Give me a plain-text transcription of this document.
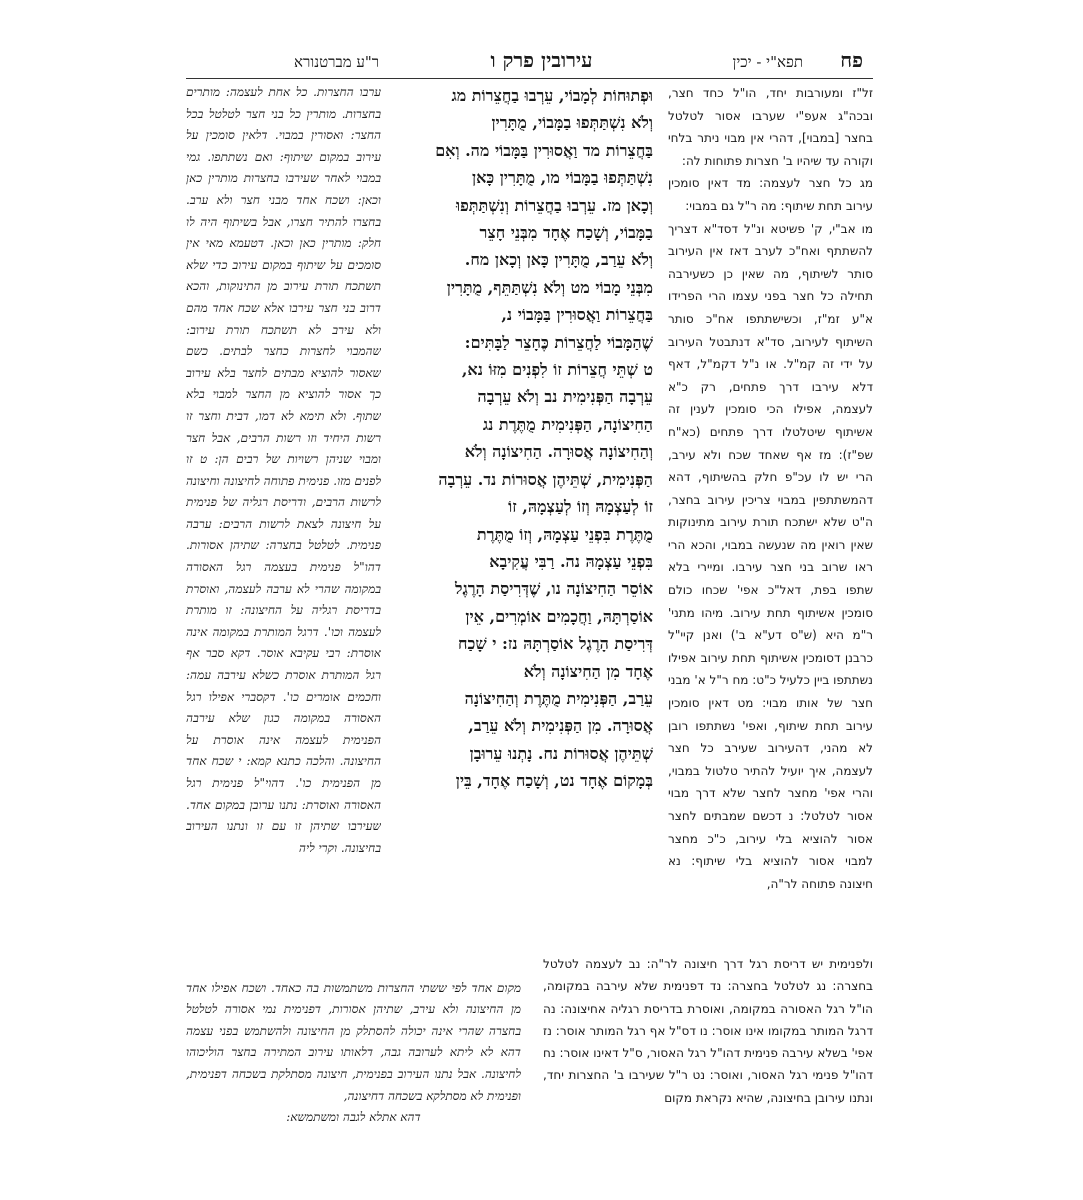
פח
תפא"י - יכין
עירובין פרק ו
ר"ע מברטנורא
זל"ז ומעורבות יחד, הו"ל כחד חצר, ובכה"ג אעפ"י שערבו אסור לטלטל בחצר [במבוי], דהרי אין מבוי ניתר בלחי וקורה עד שיהיו ב' חצרות פתוחות לה:
מג כל חצר לעצמה: מד דאין סומכין עירוב תחת שיתוף: מה ר"ל גם במבוי:
מו אב"י, ק' פשיטא ונ"ל דסד"א דצריך להשתתף ואח"כ לערב דאז אין העירוב סותר לשיתוף, מה שאין כן כשעירבה תחילה כל חצר בפני עצמו הרי הפרידו א"ע זמ"ז, וכשישתתפו אח"כ סותר השיתוף לעירוב, סד"א דנתבטל העירוב על ידי זה קמ"ל. או נ"ל דקמ"ל, דאף דלא עירבו דרך פתחים, רק כ"א לעצמה, אפילו הכי סומכין לענין זה אשיתוף שיטלטלו דרך פתחים (כא"ח שפ"ז): מז אף שאחד שכח ולא עירב, הרי יש לו עכ"פ חלק בהשיתוף, דהא דהמשתתפין במבוי צריכין עירוב בחצר, ה"ט שלא ישתכח תורת עירוב מתינוקות שאין רואין מה שנעשה במבוי, והכא הרי ראו שרוב בני חצר עירבו. ומיירי בלא שתפו בפת, דאל"כ אפי' שכחו כולם סומכין אשיתוף תחת עירוב. מיהו מתני' ר"מ היא (ש"ס דע"א ב') ואנן קיי"ל כרבנן דסומכין אשיתוף תחת עירוב אפילו נשתתפו ביין כלעיל כ"ט: מח ר"ל א' מבני חצר של אותו מבוי: מט דאין סומכין עירוב תחת שיתוף, ואפי' נשתתפו רובן לא מהני, דהעירוב שעירב כל חצר לעצמה, איך יועיל להתיר טלטול במבוי, והרי אפי' מחצר לחצר שלא דרך מבוי אסור לטלטל: נ דכשם שמבתים לחצר אסור להוציא בלי עירוב, כ"כ מחצר למבוי אסור להוציא בלי שיתוף: נא חיצונה פתוחה לר"ה,
וּפְתוּחוֹת לְמָבוֹי, עֵרְבוּ בַחֲצֵרוֹת מג
וְלֹא נִשְׁתַּתְּפוּ בַמָּבוֹי, מֻתָּרִין
בַּחֲצֵרוֹת מד וַאֲסוּרִין בַּמָּבוֹי מה. וְאִם
נִשְׁתַּתְּפוּ בַמָּבוֹי מו, מֻתָּרִין כָּאן
וְכָאן מז. עֵרְבוּ בַחֲצֵרוֹת וְנִשְׁתַּתְּפוּ
בַמָּבוֹי, וְשָׁכַח אֶחָד מִבְּנֵי חָצֵר
וְלֹא עֵרַב, מֻתָּרִין כָּאן וְכָאן מח.
מִבְּנֵי מָבוֹי מט וְלֹא נִשְׁתַּתֵּף, מֻתָּרִין
בַּחֲצֵרוֹת וַאֲסוּרִין בַּמָּבוֹי נ,
שֶׁהַמָּבוֹי לַחֲצֵרוֹת כֶּחָצֵר לַבָּתִּים:
ט שְׁתֵּי חֲצֵרוֹת זוֹ לִפְנִים מִזּוֹ נא,
עֵרְבָה הַפְּנִימִית נב וְלֹא עֵרְבָה
הַחִיצוֹנָה, הַפְּנִימִית מֻתֶּרֶת נג
וְהַחִיצוֹנָה אֲסוּרָה. הַחִיצוֹנָה וְלֹא
הַפְּנִימִית, שְׁתֵּיהֶן אֲסוּרוֹת נד. עֵרְבָה
זוֹ לְעַצְמָהּ וְזוֹ לְעַצְמָהּ, זוֹ
מֻתֶּרֶת בִּפְנֵי עַצְמָהּ, וְזוֹ מֻתֶּרֶת
בִּפְנֵי עַצְמָהּ נה. רַבִּי עֲקִיבָא
אוֹסֵר הַחִיצוֹנָה נו, שֶׁדְּרִיסַת הָרֶגֶל
אוֹסַרְתָּהּ, וַחֲכָמִים אוֹמְרִים, אֵין
דְּרִיסַת הָרֶגֶל אוֹסַרְתָּהּ נז: י שָׁכַח
אֶחָד מִן הַחִיצוֹנָה וְלֹא
עֵרַב, הַפְּנִימִית מֻתֶּרֶת וְהַחִיצוֹנָה
אֲסוּרָה. מִן הַפְּנִימִית וְלֹא עֵרַב,
שְׁתֵּיהֶן אֲסוּרוֹת נח. נָתְנוּ עֵרוּבָן
בְּמָקוֹם אֶחָד נט, וְשָׁכַח אֶחָד, בֵּין
ערבו החצרות. כל אחת לעצמה: מותרים בחצרות. מותרין כל בני חצר לטלטל בכל החצר: ואסורין במבוי. דלאין סומכין על עירוב במקום שיתוף: ואם נשתתפו. גמי במבוי לאחר שעירבו בחצרות מותרין כאן וכאן: ושכח אחד מבני חצר ולא ערב. בחצרו להתיר חצרו, אבל בשיתוף היה לו חלק: מותרין כאן וכאן. דטעמא מאי אין סומכים על שיתוף במקום עירוב כדי שלא תשתכח תורת עירוב מן התינוקות, והכא דרוב בני חצר עירבו אלא שכח אחד מהם ולא עירב לא תשתכח תורת עירוב: שהמבוי לחצרות כחצר לבתים. כשם שאסור להוציא מבתים לחצר בלא עירוב כך אסור להוציא מן החצר למבוי בלא שתוף. ולא תימא לא דמו, דבית וחצר זו רשות היחיד וזו רשות הרבים, אבל חצר ומבוי שניהן רשויות של רבים הן: ט זו לפנים מזו. פנימית פתוחה לחיצונה וחיצונה לרשות הרבים, ודריסת רגליה של פנימית על חיצונה לצאת לרשות הרבים: ערבה פנימית. לטלטל בחצרה: שתיהן אסורות. דהו"ל פנימית בעצמה רגל האסורה במקומה שהרי לא ערבה לעצמה, ואוסרת בדריסת רגליה על החיצונה: זו מותרת לעצמה וכו'. דרגל המותרת במקומה אינה אוסרת: רבי עקיבא אוסר. דקא סבר אף רגל המותרת אוסרת כשלא עירבה עמה: וחכמים אומרים כו'. דקסברי אפילו רגל האסורה במקומה כגון שלא עירבה הפנימית לעצמה אינה אוסרת על החיצונה. והלכה כתנא קמא: י שכח אחד מן הפנימית כו'. דהוי"ל פנימית רגל האסורה ואוסרת: נתנו ערובן במקום אחד. שעירבו שתיהן זו עם זו ונתנו העירוב בחיצונה. וקרי ליה
ולפנימית יש דריסת רגל דרך חיצונה לר"ה: נב לעצמה לטלטל בחצרה: נג לטלטל בחצרה: נד דפנימית שלא עירבה במקומה, הו"ל רגל האסורה במקומה, ואוסרת בדריסת רגליה אחיצונה: נה דרגל המותר במקומו אינו אוסר: נו דס"ל אף רגל המותר אוסר: נז אפי' בשלא עירבה פנימית דהו"ל רגל האסור, ס"ל דאינו אוסר: נח דהו"ל פנימי רגל האסור, ואוסר: נט ר"ל שעירבו ב' החצרות יחד, ונתנו עירובן בחיצונה, שהיא נקראת מקום

מקום אחד לפי ששתי החצרות משתמשות בה כאחד. ושכח אפילו אחד מן החיצונה ולא עירב, שתיהן אסורות, דפנימית נמי אסורה לטלטל בחצרה שהרי אינה יכולה להסתלק מן החיצונה ולהשתמש בפני עצמה דהא לא ליתא לערובה גבה, דלאותו עירוב המתירה בחצר הוליכוהו לחיצונה. אבל נתנו העירוב בפנימית, חיצונה מסתלקת בשכחה דפנימית, ופנימית לא מסתלקא בשכחה דחיצונה,

דהא אתלא לגבה ומשתמשא:
